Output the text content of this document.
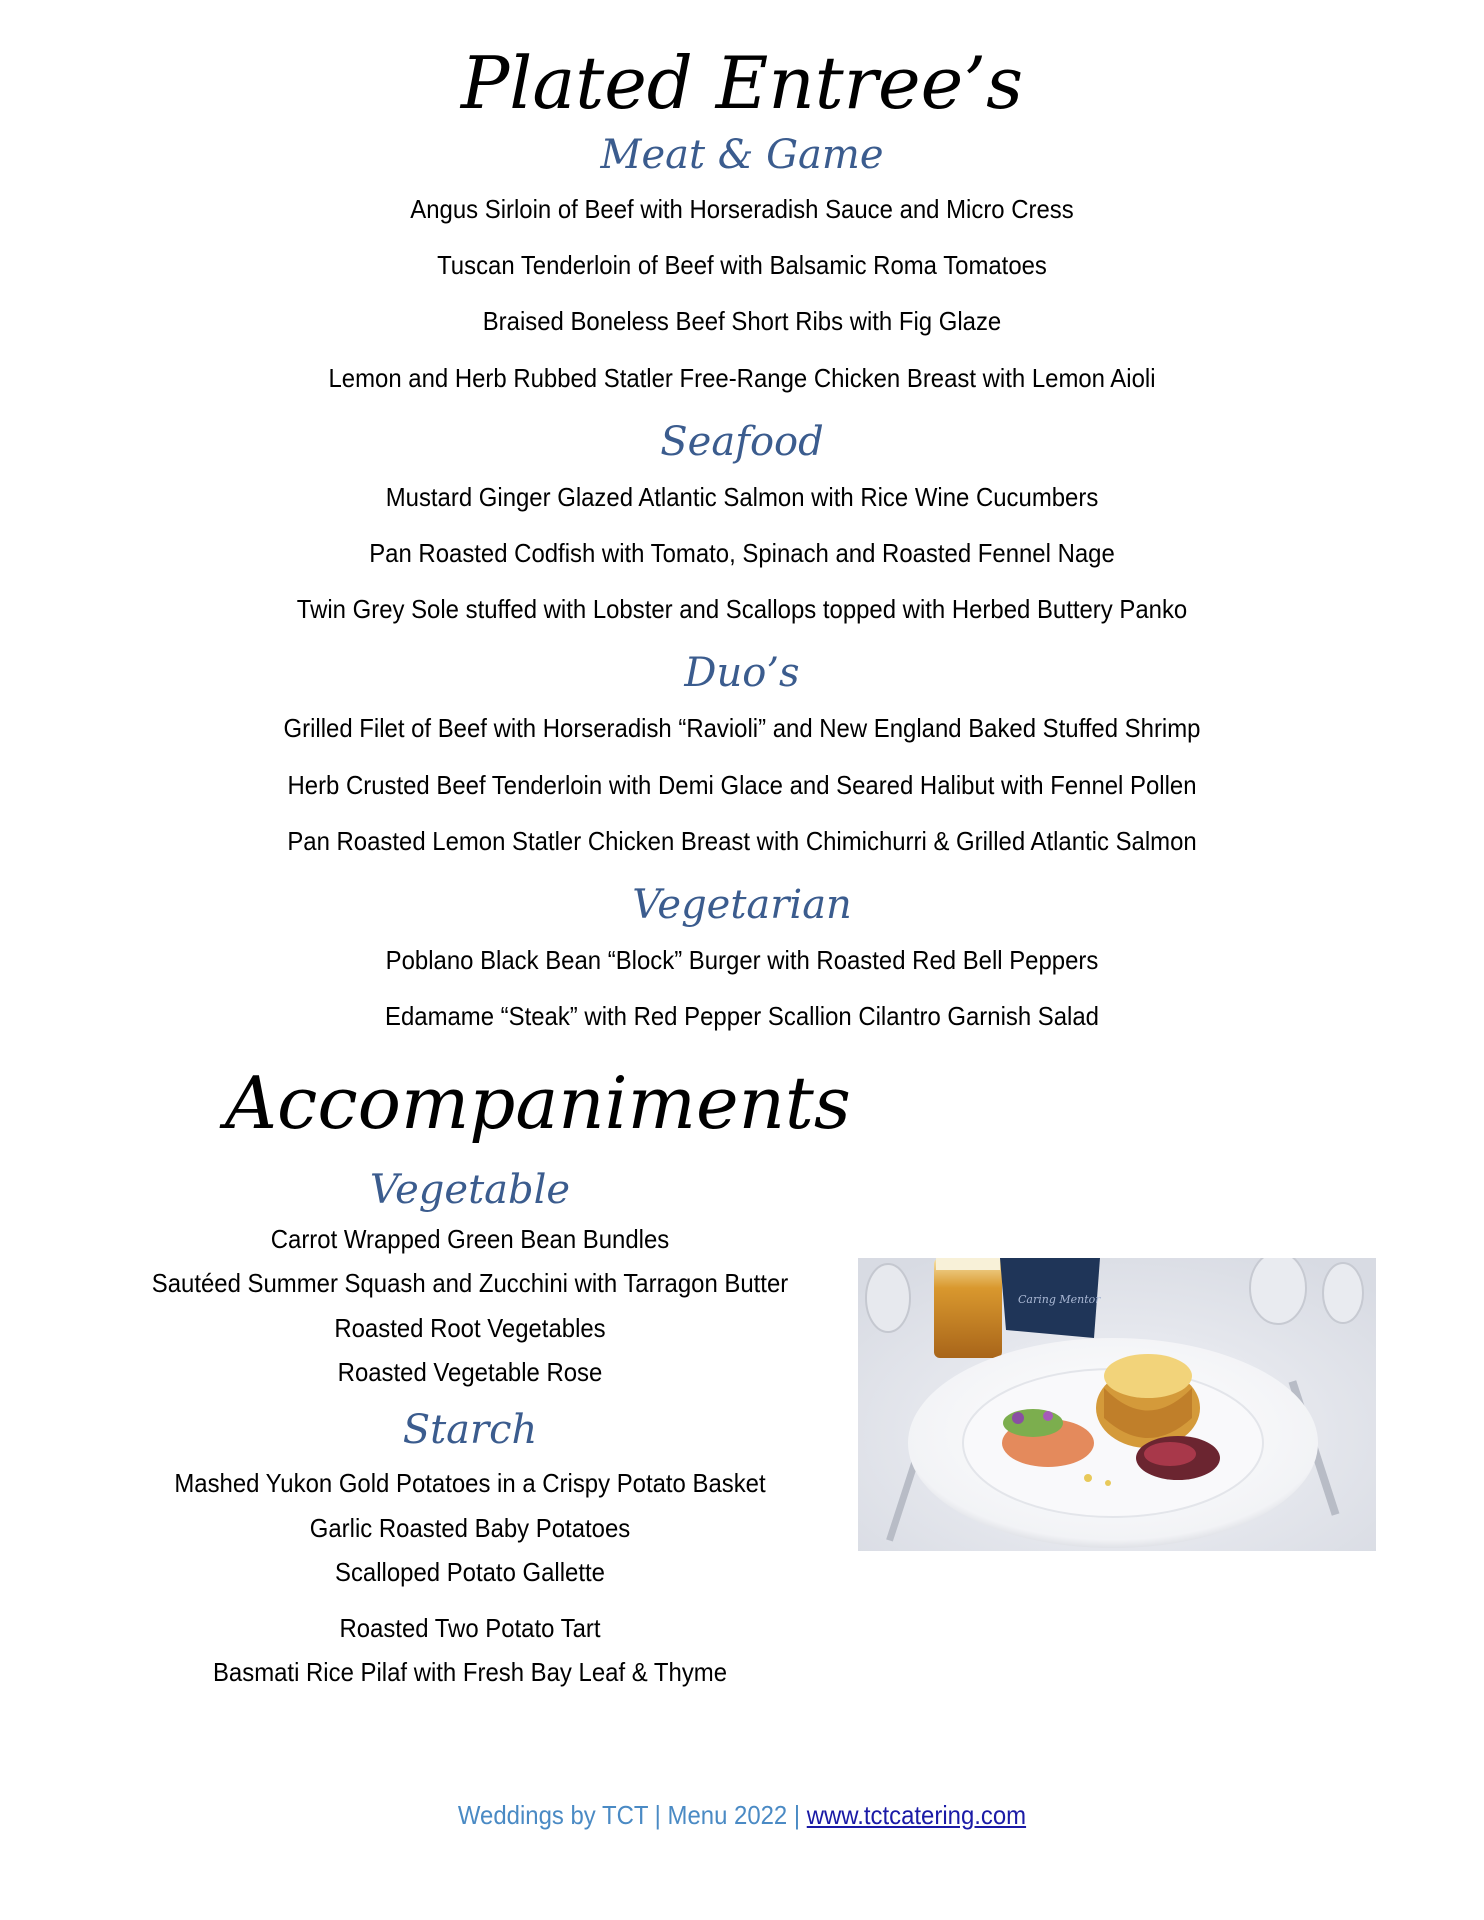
Plated Entree’s
Meat & Game
Angus Sirloin of Beef with Horseradish Sauce and Micro Cress
Tuscan Tenderloin of Beef with Balsamic Roma Tomatoes
Braised Boneless Beef Short Ribs with Fig Glaze
Lemon and Herb Rubbed Statler Free-Range Chicken Breast with Lemon Aioli
Seafood
Mustard Ginger Glazed Atlantic Salmon with Rice Wine Cucumbers
Pan Roasted Codfish with Tomato, Spinach and Roasted Fennel Nage
Twin Grey Sole stuffed with Lobster and Scallops topped with Herbed Buttery Panko
Duo’s
Grilled Filet of Beef with Horseradish “Ravioli” and New England Baked Stuffed Shrimp
Herb Crusted Beef Tenderloin with Demi Glace and Seared Halibut with Fennel Pollen
Pan Roasted Lemon Statler Chicken Breast with Chimichurri & Grilled Atlantic Salmon
Vegetarian
Poblano Black Bean “Block” Burger with Roasted Red Bell Peppers
Edamame “Steak” with Red Pepper Scallion Cilantro Garnish Salad
Accompaniments
Vegetable
Carrot Wrapped Green Bean Bundles
Sautéed Summer Squash and Zucchini with Tarragon Butter
Roasted Root Vegetables
Roasted Vegetable Rose
Starch
Mashed Yukon Gold Potatoes in a Crispy Potato Basket
Garlic Roasted Baby Potatoes
Scalloped Potato Gallette
Roasted Two Potato Tart
Basmati Rice Pilaf with Fresh Bay Leaf & Thyme
Caring Mentor
Weddings by TCT | Menu 2022 | www.tctcatering.com
